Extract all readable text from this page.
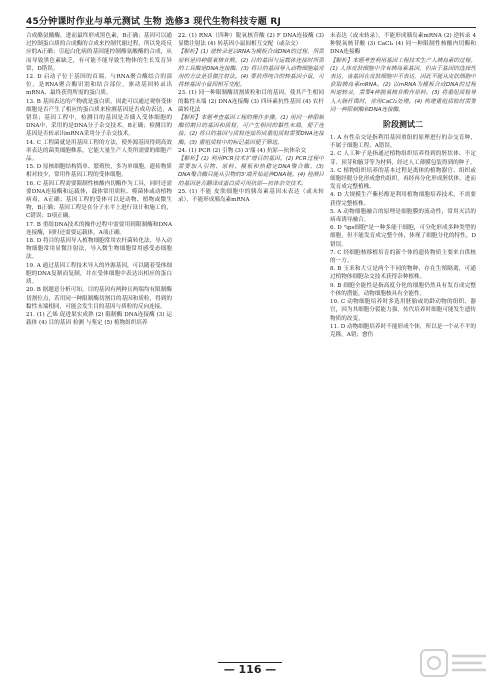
45分钟课时作业与单元测试 生物 选修3 现代生物科技专题 RJ

合成酪氨酸酶，进而最终形成黑色素，B正确；基因可以通过控制蛋白质的合成酶的合成来控制代谢过程，所以免疫反应的A正确；引起白化病的基因能控制酪氨酸酶的合成，从而导致黑色素缺乏，有可能不能导致生物体的生长发育异常，D错误。

12. D 启动子位于基因的首端，与RNA聚合酶结合的部位，是RNA聚合酶识别和结合部位，驱动基因转录出mRNA，最终获得所需的蛋白质。

13. B 基因表达的产物就是蛋白质，因此可以通过观察受体细胞是否产生了相应的蛋白质来检测基因是否成功表达，A错误；基因工程中，检测目的基因是否插入受体细胞的DNA中，采用的是DNA分子杂交技术，B正确；检测目的基因是否转录出mRNA采用分子杂交技术。

14. C 工程菌就是用基因工程的方法，使外源基因得到高效率表达的菌类细胞株系，它能大量生产人类所需要的细胞产品。

15. D 原核细胞结构简单、繁殖快，多为单细胞，遗传物质相对较少，常用作基因工程的受体细胞。

16. C 基因工程需要限制性核酸内切酶作为工具，同时还需要DNA连接酶和运载体，载体常用质粒、噬菌体或动植物病毒，A正确；基因工程的受体可以是动物、植物或微生物，B正确；基因工程是在分子水平上进行设计和施工的，C错误；D项正确。

17. B 重组DNA技术的操作过程中需要用到限制酶和DNA连接酶，同时还需要运载体，A项正确。

18. D 将目的基因导入植物细胞常用农杆菌转化法，导入动物细胞常用显微注射法，导入微生物细胞常用感受态细胞法。

19. A 通过基因工程技术导入的外源基因，可以随着受体细胞的DNA复制而复制，并在受体细胞中表达出相应的蛋白质。

20. B 据题意分析可知，目的基因有两种且两端均有限制酶切割位点，若用同一种限制酶切割目的基因和质粒，得到的黏性末端相同，可能会发生目的基因与质粒的反向连接。

21. (1) 乙烯 促进果实成熟 (2) 限制酶 DNA连接酶 (3) 运载体 (4) 目的基因 检测 与鉴定 (5) 植物组织培养

22. (1) RNA（四种）脱氧核苷酸 (2) F DNA连接酶 (3) 显微注射法 (4) 转基因小鼠间相互交配（或杂交）

【解析】(1) 逆转录是以RNA为模板合成DNA的过程，所需原料是四种脱氧核苷酸。(2) 目的基因与运载体连接时所需的工具酶是DNA连接酶。(3) 将目的基因导入动物细胞最常用的方法是显微注射法。(4) 要获得纯合的转基因小鼠，可将转基因小鼠间相互交配。

23. (1) 同一种限制酶切割质粒和目的基因，使其产生相同的黏性末端 (2) DNA连接酶 (3) 四环素抗性基因 (4) 农杆菌转化法

【解析】本题考查基因工程的操作步骤。(1) 用同一种限制酶切割目的基因和质粒，可产生相同的黏性末端，便于连接。(2) 将目的基因与质粒连接形成重组质粒需要DNA连接酶。(3) 重组质粒中的标记基因便于筛选。

24. (1) PCR (2) 引物 (3) 3'端 (4) 抗原—抗体杂交

【解析】(1) 利用PCR技术扩增目的基因。(2) PCR过程中需要加入引物、原料、模板和热稳定DNA聚合酶。(3) DNA聚合酶只能从引物的3'端开始延伸DNA链。(4) 检测目的基因是否翻译成蛋白质可用抗原—抗体杂交技术。

25. (1) 不能 皮肤细胞中的胰岛素基因未表达（或未转录），不能形成胰岛素mRNA

未表达（或未转录），不能形成胰岛素mRNA (2) 逆转录 4种脱氧核苷酸 (3) CaCl₂ (4) 同一种限制性核酸内切酶和DNA连接酶

【解析】本题考查利用基因工程技术生产人胰岛素的过程。(1) 人体皮肤细胞中含有胰岛素基因，但由于基因的选择性表达，该基因在皮肤细胞中不表达，因此不能从皮肤细胞中获取胰岛素mRNA。(2) 以mRNA为模板合成DNA的过程叫逆转录，需要4种脱氧核苷酸作原料。(3) 将重组质粒导入大肠杆菌时，常用CaCl₂处理。(4) 构建重组质粒时需要同一种限制酶和DNA连接酶。

阶段测试二

1. A 有性杂交是指利用基因重组的原理进行的杂交育种，不属于细胞工程，A错误。

2. C 人工种子是指通过植物组织培养得到的胚状体、不定芽、顶芽和腋芽等为材料，经过人工薄膜包装得到的种子。

3. C 植物组织培养的基本过程是离体的植物器官、组织或细胞经脱分化形成愈伤组织，再经再分化形成胚状体，进而发育成完整植株。

4. D 大规模生产紫杉醇是利用植物细胞培养技术，不需要获得完整植株。

5. A 动物细胞融合的原理是细胞膜的流动性，常用灭活的病毒诱导融合。

6. D "ips细胞"是一种多能干细胞，可分化形成多种类型的细胞，但不能发育成完整个体，体现了细胞分化的特性，D错误。

7. C 经细胞核移植培育的新个体的遗传物质主要来自供核的一方。

8. B 玉米和大豆是两个不同的物种，存在生殖隔离，可通过植物体细胞杂交技术获得杂种植株。

9. B 细胞全能性是指高度分化的细胞仍然具有发育成完整个体的潜能，动物细胞核具有全能性。

10. C 动物细胞培养时多选用胚胎或幼龄动物的组织、器官，因为其细胞分裂能力强，传代培养时细胞可能发生遗传物质的改变。

11. D 动物细胞培养时不能形成个体，所以是一个从不平的克隆。A错；愈伤

— 116 —
